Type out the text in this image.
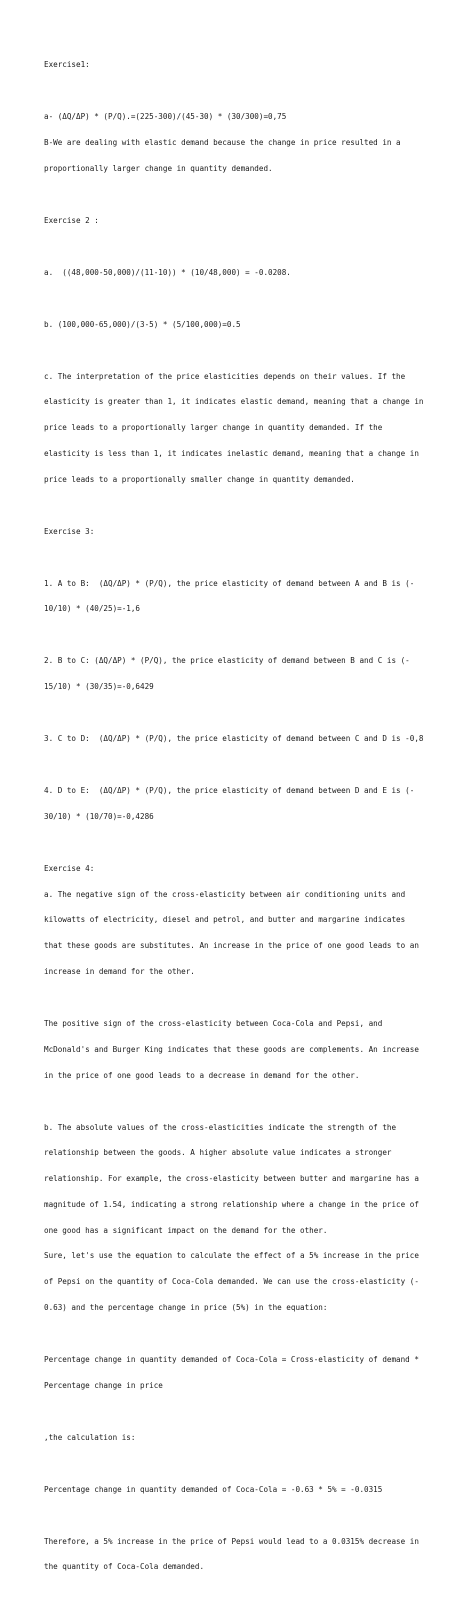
Exercise1:

a- (ΔQ/ΔP) * (P/Q).=(225-300)/(45-30) * (30/300)=0,75

B-We are dealing with elastic demand because the change in price resulted in a

proportionally larger change in quantity demanded.

Exercise 2 :

a.  ((48,000-50,000)/(11-10)) * (10/48,000) = -0.0208.

b. (100,000-65,000)/(3-5) * (5/100,000)=0.5

c. The interpretation of the price elasticities depends on their values. If the

elasticity is greater than 1, it indicates elastic demand, meaning that a change in

price leads to a proportionally larger change in quantity demanded. If the

elasticity is less than 1, it indicates inelastic demand, meaning that a change in

price leads to a proportionally smaller change in quantity demanded.

Exercise 3:

1. A to B:  (ΔQ/ΔP) * (P/Q), the price elasticity of demand between A and B is (-

10/10) * (40/25)=-1,6

2. B to C: (ΔQ/ΔP) * (P/Q), the price elasticity of demand between B and C is (-

15/10) * (30/35)=-0,6429

3. C to D:  (ΔQ/ΔP) * (P/Q), the price elasticity of demand between C and D is -0,8

4. D to E:  (ΔQ/ΔP) * (P/Q), the price elasticity of demand between D and E is (-

30/10) * (10/70)=-0,4286

Exercise 4:

a. The negative sign of the cross-elasticity between air conditioning units and

kilowatts of electricity, diesel and petrol, and butter and margarine indicates

that these goods are substitutes. An increase in the price of one good leads to an

increase in demand for the other.

The positive sign of the cross-elasticity between Coca-Cola and Pepsi, and

McDonald's and Burger King indicates that these goods are complements. An increase

in the price of one good leads to a decrease in demand for the other.

b. The absolute values of the cross-elasticities indicate the strength of the

relationship between the goods. A higher absolute value indicates a stronger

relationship. For example, the cross-elasticity between butter and margarine has a

magnitude of 1.54, indicating a strong relationship where a change in the price of

one good has a significant impact on the demand for the other.

Sure, let's use the equation to calculate the effect of a 5% increase in the price

of Pepsi on the quantity of Coca-Cola demanded. We can use the cross-elasticity (-

0.63) and the percentage change in price (5%) in the equation:

Percentage change in quantity demanded of Coca-Cola = Cross-elasticity of demand *

Percentage change in price

,the calculation is:

Percentage change in quantity demanded of Coca-Cola = -0.63 * 5% = -0.0315

Therefore, a 5% increase in the price of Pepsi would lead to a 0.0315% decrease in

the quantity of Coca-Cola demanded.
